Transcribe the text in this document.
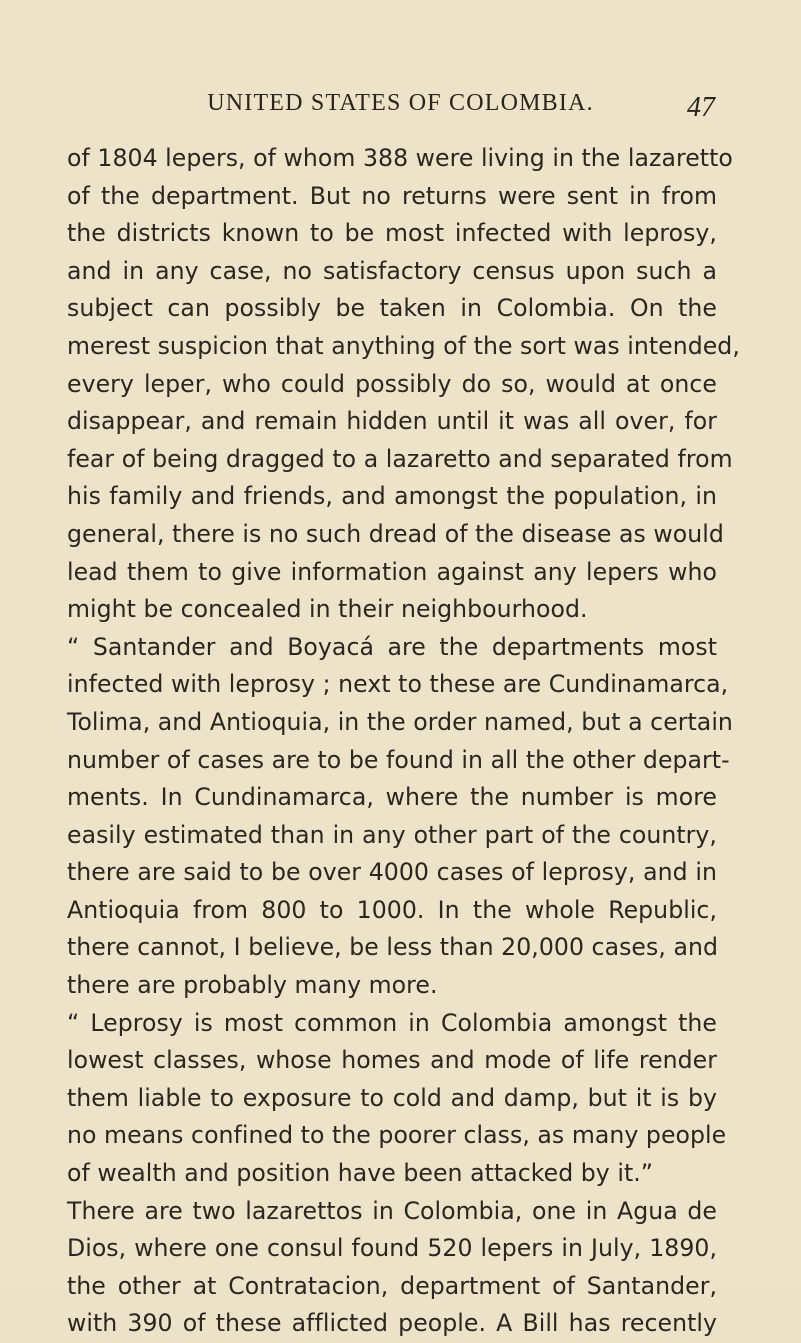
UNITED STATES OF COLOMBIA.	47
of 1804 lepers, of whom 388 were living in the lazaretto
of the department. But no returns were sent in from
the districts known to be most infected with leprosy,
and in any case, no satisfactory census upon such a
subject can possibly be taken in Colombia. On the
merest suspicion that anything of the sort was intended,
every leper, who could possibly do so, would at once
disappear, and remain hidden until it was all over, for
fear of being dragged to a lazaretto and separated from
his family and friends, and amongst the population, in
general, there is no such dread of the disease as would
lead them to give information against any lepers who
might be concealed in their neighbourhood.
“ Santander and Boyacá are the departments most
infected with leprosy ; next to these are Cundinamarca,
Tolima, and Antioquia, in the order named, but a certain
number of cases are to be found in all the other depart-
ments. In Cundinamarca, where the number is more
easily estimated than in any other part of the country,
there are said to be over 4000 cases of leprosy, and in
Antioquia from 800 to 1000. In the whole Republic,
there cannot, I believe, be less than 20,000 cases, and
there are probably many more.
“ Leprosy is most common in Colombia amongst the
lowest classes, whose homes and mode of life render
them liable to exposure to cold and damp, but it is by
no means confined to the poorer class, as many people
of wealth and position have been attacked by it.”
There are two lazarettos in Colombia, one in Agua de
Dios, where one consul found 520 lepers in July, 1890,
the other at Contratacion, department of Santander,
with 390 of these afflicted people. A Bill has recently
